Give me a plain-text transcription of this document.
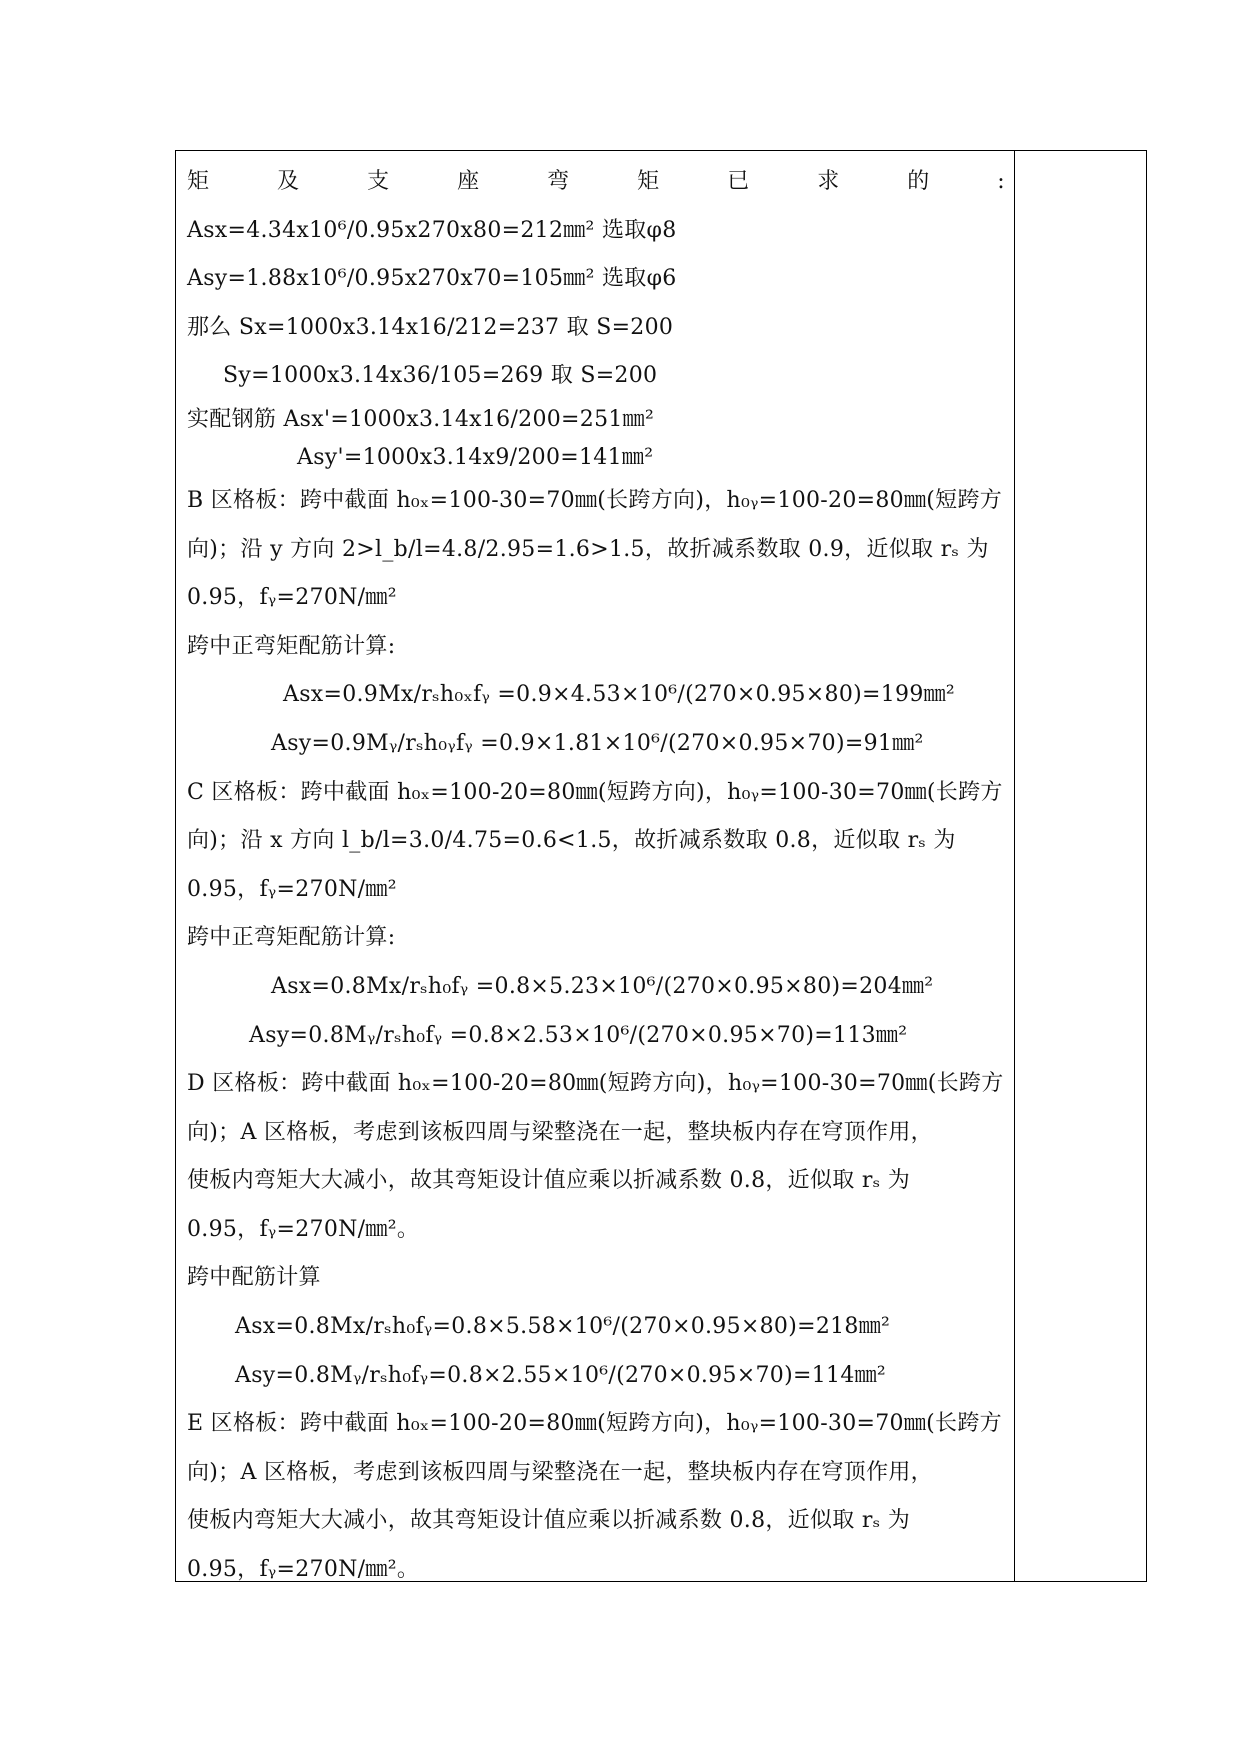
矩	及	支	座	弯	矩	已	求	的	:
Asx=4.34x10⁶/0.95x270x80=212㎜² 选取φ8
Asy=1.88x10⁶/0.95x270x70=105㎜² 选取φ6
那么 Sx=1000x3.14x16/212=237 取 S=200
Sy=1000x3.14x36/105=269 取 S=200
实配钢筋 Asx'=1000x3.14x16/200=251㎜²
Asy'=1000x3.14x9/200=141㎜²
B 区格板：跨中截面 h₀ₓ=100-30=70㎜(长跨方向)，h₀ᵧ=100-20=80㎜(短跨方
向)；沿 y 方向 2>l_b/l=4.8/2.95=1.6>1.5，故折减系数取 0.9，近似取 rₛ 为
0.95，fᵧ=270N/㎜²
跨中正弯矩配筋计算:
Asx=0.9Mx/rₛh₀ₓfᵧ =0.9×4.53×10⁶/(270×0.95×80)=199㎜²
Asy=0.9Mᵧ/rₛh₀ᵧfᵧ =0.9×1.81×10⁶/(270×0.95×70)=91㎜²
C 区格板：跨中截面 h₀ₓ=100-20=80㎜(短跨方向)，h₀ᵧ=100-30=70㎜(长跨方
向)；沿 x 方向 l_b/l=3.0/4.75=0.6<1.5，故折减系数取 0.8，近似取 rₛ 为
0.95，fᵧ=270N/㎜²
跨中正弯矩配筋计算:
Asx=0.8Mx/rₛh₀fᵧ =0.8×5.23×10⁶/(270×0.95×80)=204㎜²
Asy=0.8Mᵧ/rₛh₀fᵧ =0.8×2.53×10⁶/(270×0.95×70)=113㎜²
D 区格板：跨中截面 h₀ₓ=100-20=80㎜(短跨方向)，h₀ᵧ=100-30=70㎜(长跨方
向)；A 区格板，考虑到该板四周与梁整浇在一起，整块板内存在穹顶作用，
使板内弯矩大大减小，故其弯矩设计值应乘以折减系数 0.8，近似取 rₛ 为
0.95，fᵧ=270N/㎜²。
跨中配筋计算
Asx=0.8Mx/rₛh₀fᵧ=0.8×5.58×10⁶/(270×0.95×80)=218㎜²
Asy=0.8Mᵧ/rₛh₀fᵧ=0.8×2.55×10⁶/(270×0.95×70)=114㎜²
E 区格板：跨中截面 h₀ₓ=100-20=80㎜(短跨方向)，h₀ᵧ=100-30=70㎜(长跨方
向)；A 区格板，考虑到该板四周与梁整浇在一起，整块板内存在穹顶作用，
使板内弯矩大大减小，故其弯矩设计值应乘以折减系数 0.8，近似取 rₛ 为
0.95，fᵧ=270N/㎜²。
